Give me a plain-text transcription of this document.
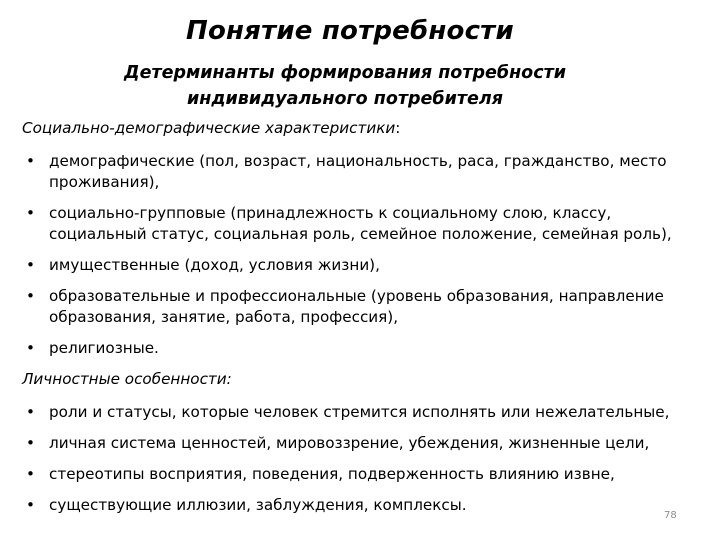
Понятие потребности
Детерминанты формирования потребности
индивидуального потребителя
Социально-демографические характеристики:
• демографические (пол, возраст, национальность, раса, гражданство, место проживания),
• социально-групповые (принадлежность к социальному слою, классу, социальный статус, социальная роль, семейное положение, семейная роль),
• имущественные (доход, условия жизни),
• образовательные и профессиональные (уровень образования, направление образования, занятие, работа, профессия),
• религиозные.
Личностные особенности:
• роли и статусы, которые человек стремится исполнять или нежелательные,
• личная система ценностей, мировоззрение, убеждения, жизненные цели,
• стереотипы восприятия, поведения, подверженность влиянию извне,
• существующие иллюзии, заблуждения, комплексы.
78
